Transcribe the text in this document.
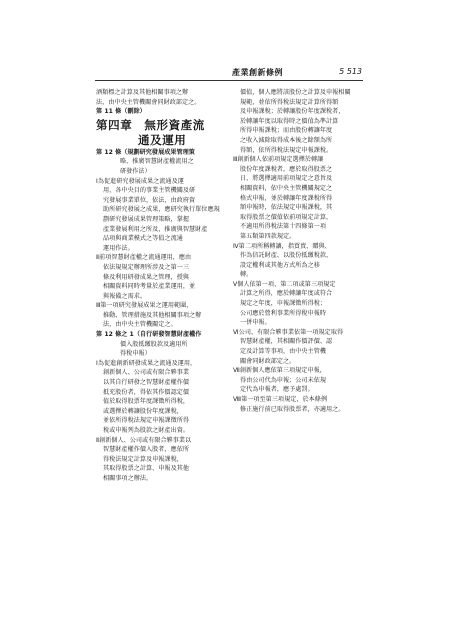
產業創新條例	5 513

酒類標之計算及其他相關事項之辦

法，由中央主管機關會同財政部定之。

第 11 條（刪除）

第四章　無形資產流
通及運用

第 12 條（規劃研究發展成果管理策

略、推廣智慧財產權流用之

研發作法）

Ⅰ為促進研究發展成果之流通及運

用，各中央目的事業主管機關及研

究發展事業單位，依法，由政府資

助所研究發展之成果，應研究執行單位應規

劃研究發展成果管理策略，掌握

產業發展利用之所及，推廣與智慧財產

品項與商業模式之等值之流通

運用作法。

Ⅱ前項智慧財產權之流通運用，應由

依法規規定辦理所涉及之第一三

條及利用研發成果之管理，授與

相關資料同時考量於產業運用，並

與報備之需求。

Ⅲ第一項研究發展成果之運用範圍，

推動、管理措施及其他相關事項之辦

法，由中央主管機關定之。

第 12 條之 1（自行研發智慧財產權作

價入股抵繳股款及適用所

得稅申報）

Ⅰ為促進創新研發成果之流通及運用，

創新個人、公司或有限合夥事業

以其自行研發之智慧財產權作價

抵充股份者，得依其作價認定價

值於取得股票年度課徵所得稅，

或選擇於轉讓股份年度課稅，

並依所得稅法規定申報課徵所得

稅或申報列為股款之財產出資。

Ⅱ創新個人、公司或有限合夥事業以

智慧財產權作價入股者，應依所

得稅法規定計算及申報課稅，

其取得股票之計算、申報及其他

相關事項之辦法。

價值，個人應將該股份之計算及申報相關

規範，並依所得稅法規定計算所得額

及申報課稅；於轉讓股份年度課稅者，

於轉讓年度以取得時之價值為準計算

所得申報課稅；而由股份轉讓年度

之收入減除取得成本後之餘額為所

得額，依所得稅法規定申報課稅。

Ⅲ創新個人依前項規定選擇於轉讓

股份年度課稅者，應於取得股票之

日，將選擇適用前項規定之意旨及

相關資料，依中央主管機關規定之

格式申報，並於轉讓年度課稅所得

額申報時，依法規定申報課稅，其

取得股票之價值依前項規定計算，

不適用所得稅法第十四條第一項

第五類第四款規定。

Ⅳ第二項所稱轉讓，指買賣、贈與、

作為信託財產、以股份抵繳稅款、

設定權利或其他方式所為之移

轉。

Ⅴ個人依第一項、第二項或第三項規定

計算之所得，應於轉讓年度或符合

規定之年度，申報課徵所得稅；

公司應於營利事業所得稅申報時

一併申報。

Ⅵ公司、有限合夥事業依第一項規定取得

智慧財產權，其相關作價評價、認

定及計算等事項，由中央主管機

關會同財政部定之。

Ⅶ創新個人應依第三項規定申報，

得由公司代為申報；公司未依規

定代為申報者，應予處罰。

Ⅷ第一項至第三項規定，於本條例

修正施行前已取得股票者，亦適用之。
